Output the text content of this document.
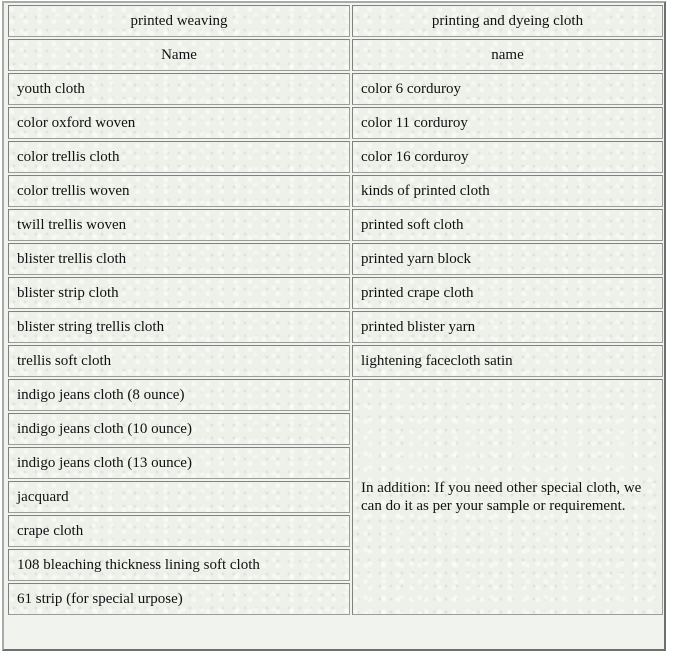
printed weaving	printing and dyeing cloth
Name	name
youth cloth	color 6 corduroy
color oxford woven	color 11 corduroy
color trellis cloth	color 16 corduroy
color trellis woven	kinds of printed cloth
twill trellis woven	printed soft cloth
blister trellis cloth	printed yarn block
blister strip cloth	printed crape cloth
blister string trellis cloth	printed blister yarn
trellis soft cloth	lightening facecloth satin
indigo jeans cloth (8 ounce)	In addition: If you need other special cloth, we can do it as per your sample or requirement.
indigo jeans cloth (10 ounce)	
indigo jeans cloth (13 ounce)	
jacquard	
crape cloth	
108 bleaching thickness lining soft cloth	
61 strip (for special urpose)	
